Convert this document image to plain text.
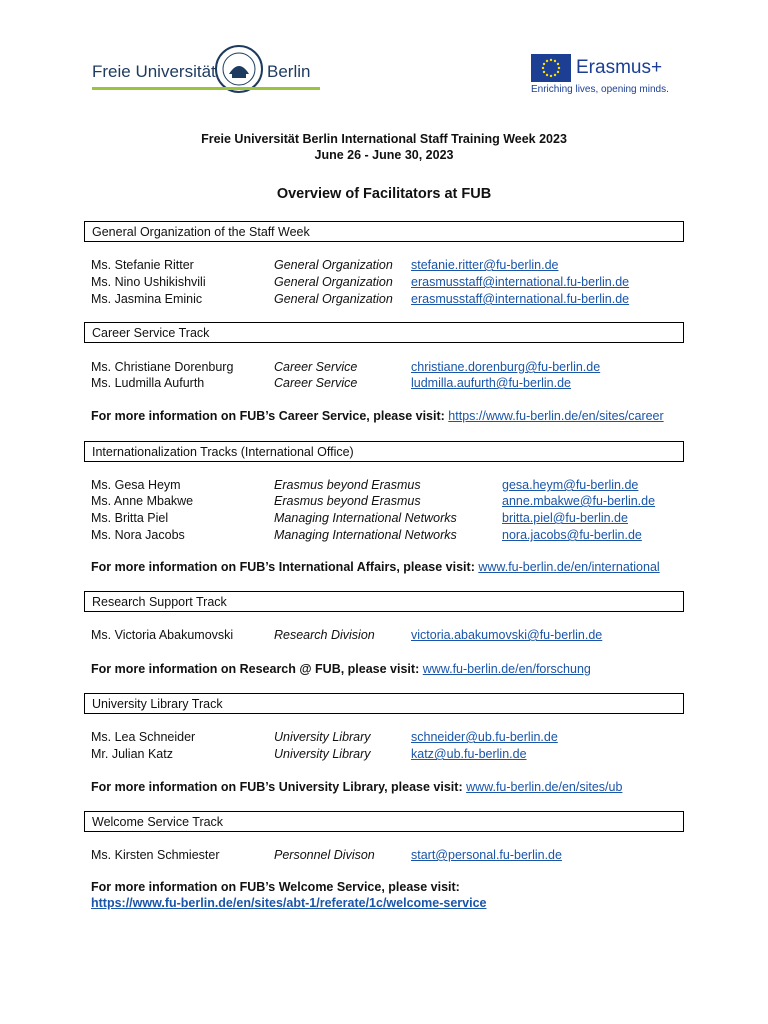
Freie Universität	Berlin	Erasmus+
Enriching lives, opening minds.
Freie Universität Berlin International Staff Training Week 2023
June 26 - June 30, 2023
Overview of Facilitators at FUB
General Organization of the Staff Week
Ms. Stefanie Ritter	General Organization stefanie.ritter@fu-berlin.de
Ms. Nino Ushikishvili	General Organization erasmusstaff@international.fu-berlin.de
Ms. Jasmina Eminic	General Organization erasmusstaff@international.fu-berlin.de
Career Service Track
Ms. Christiane Dorenburg	Career Service	christiane.dorenburg@fu-berlin.de
Ms. Ludmilla Aufurth	Career Service	ludmilla.aufurth@fu-berlin.de
For more information on FUB’s Career Service, please visit: https://www.fu-berlin.de/en/sites/career
Internationalization Tracks (International Office)
Ms. Gesa Heym	Erasmus beyond Erasmus	gesa.heym@fu-berlin.de
Ms. Anne Mbakwe	Erasmus beyond Erasmus	anne.mbakwe@fu-berlin.de
Ms. Britta Piel	Managing International Networks	britta.piel@fu-berlin.de
Ms. Nora Jacobs	Managing International Networks	nora.jacobs@fu-berlin.de
For more information on FUB’s International Affairs, please visit: www.fu-berlin.de/en/international
Research Support Track
Ms. Victoria Abakumovski	Research Division	victoria.abakumovski@fu-berlin.de
For more information on Research @ FUB, please visit: www.fu-berlin.de/en/forschung
University Library Track
Ms. Lea Schneider	University Library	schneider@ub.fu-berlin.de
Mr. Julian Katz	University Library	katz@ub.fu-berlin.de
For more information on FUB’s University Library, please visit: www.fu-berlin.de/en/sites/ub
Welcome Service Track
Ms. Kirsten Schmiester	Personnel Divison	start@personal.fu-berlin.de
For more information on FUB’s Welcome Service, please visit:
https://www.fu-berlin.de/en/sites/abt-1/referate/1c/welcome-service
